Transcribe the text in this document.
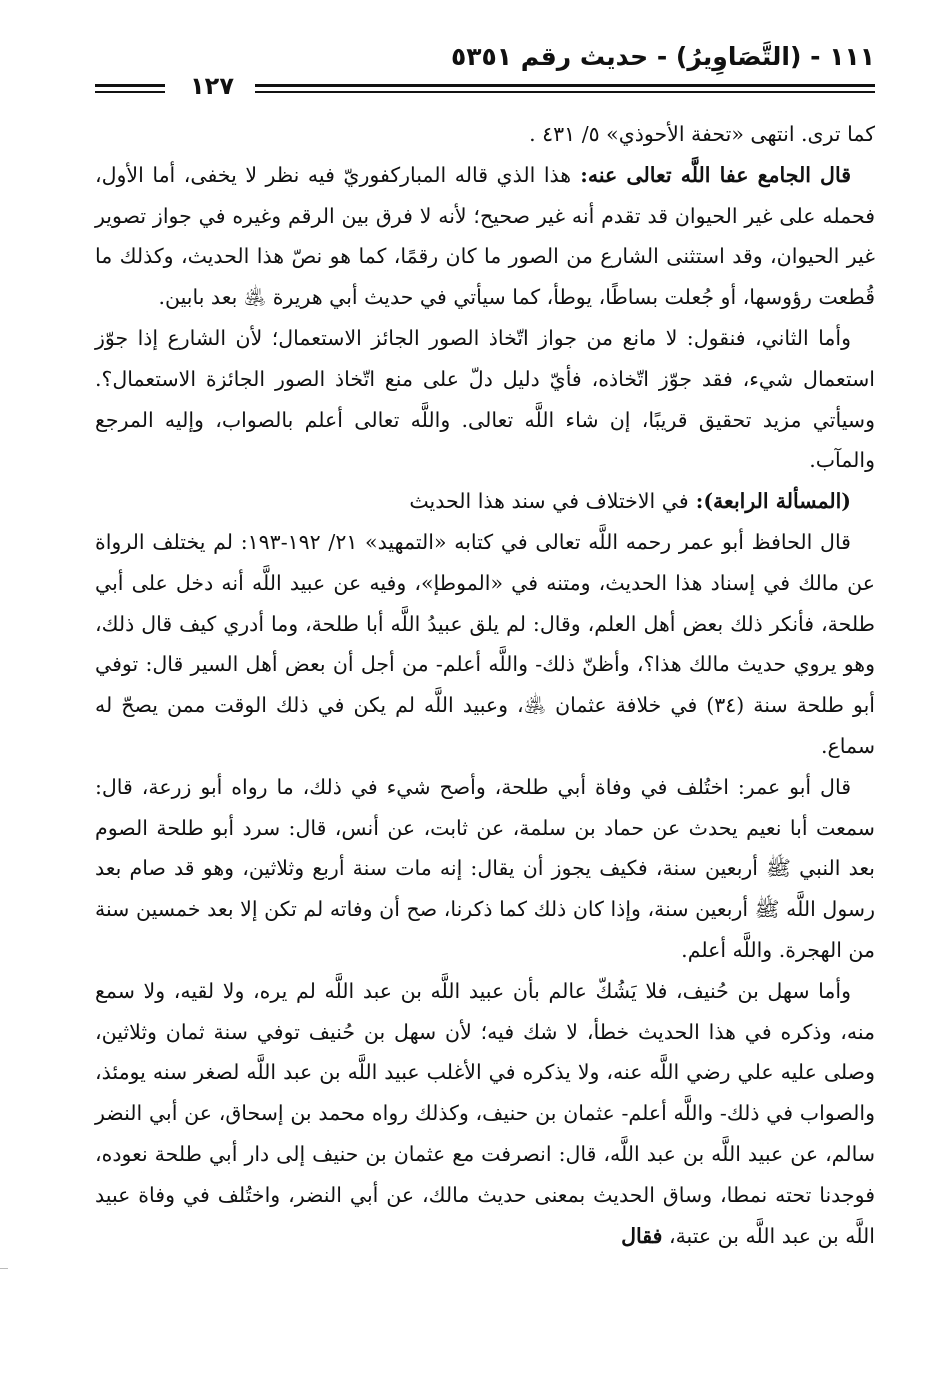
١١١ - (التَّصَاوِيرُ) - حديث رقم ٥٣٥١
١٢٧

كما ترى. انتهى «تحفة الأحوذي» ٥/ ٤٣١ .

قال الجامع عفا اللَّه تعالى عنه: هذا الذي قاله المباركفوريّ فيه نظر لا يخفى، أما الأول، فحمله على غير الحيوان قد تقدم أنه غير صحيح؛ لأنه لا فرق بين الرقم وغيره في جواز تصوير غير الحيوان، وقد استثنى الشارع من الصور ما كان رقمًا، كما هو نصّ هذا الحديث، وكذلك ما قُطعت رؤوسها، أو جُعلت بساطًا، يوطأ، كما سيأتي في حديث أبي هريرة ﵁ بعد بابين.

وأما الثاني، فنقول: لا مانع من جواز اتّخاذ الصور الجائز الاستعمال؛ لأن الشارع إذا جوّز استعمال شيء، فقد جوّز اتّخاذه، فأيّ دليل دلّ على منع اتّخاذ الصور الجائزة الاستعمال؟. وسيأتي مزيد تحقيق قريبًا، إن شاء اللَّه تعالى. واللَّه تعالى أعلم بالصواب، وإليه المرجع والمآب.

(المسألة الرابعة): في الاختلاف في سند هذا الحديث

قال الحافظ أبو عمر رحمه اللَّه تعالى في كتابه «التمهيد» ٢١/ ١٩٢-١٩٣: لم يختلف الرواة عن مالك في إسناد هذا الحديث، ومتنه في «الموطإ»، وفيه عن عبيد اللَّه أنه دخل على أبي طلحة، فأنكر ذلك بعض أهل العلم، وقال: لم يلق عبيدُ اللَّه أبا طلحة، وما أدري كيف قال ذلك، وهو يروي حديث مالك هذا؟، وأظنّ ذلك- واللَّه أعلم- من أجل أن بعض أهل السير قال: توفي أبو طلحة سنة (٣٤) في خلافة عثمان ﵁، وعبيد اللَّه لم يكن في ذلك الوقت ممن يصحّ له سماع.

قال أبو عمر: اختُلف في وفاة أبي طلحة، وأصح شيء في ذلك، ما رواه أبو زرعة، قال: سمعت أبا نعيم يحدث عن حماد بن سلمة، عن ثابت، عن أنس، قال: سرد أبو طلحة الصوم بعد النبي ﷺ أربعين سنة، فكيف يجوز أن يقال: إنه مات سنة أربع وثلاثين، وهو قد صام بعد رسول اللَّه ﷺ أربعين سنة، وإذا كان ذلك كما ذكرنا، صح أن وفاته لم تكن إلا بعد خمسين سنة من الهجرة. واللَّه أعلم.

وأما سهل بن حُنيف، فلا يَشُكّ عالم بأن عبيد اللَّه بن عبد اللَّه لم يره، ولا لقيه، ولا سمع منه، وذكره في هذا الحديث خطأ، لا شك فيه؛ لأن سهل بن حُنيف توفي سنة ثمان وثلاثين، وصلى عليه علي رضي اللَّه عنه، ولا يذكره في الأغلب عبيد اللَّه بن عبد اللَّه لصغر سنه يومئذ، والصواب في ذلك- واللَّه أعلم- عثمان بن حنيف، وكذلك رواه محمد بن إسحاق، عن أبي النضر سالم، عن عبيد اللَّه بن عبد اللَّه، قال: انصرفت مع عثمان بن حنيف إلى دار أبي طلحة نعوده، فوجدنا تحته نمطا، وساق الحديث بمعنى حديث مالك، عن أبي النضر، واختُلف في وفاة عبيد اللَّه بن عبد اللَّه بن عتبة، فقال
